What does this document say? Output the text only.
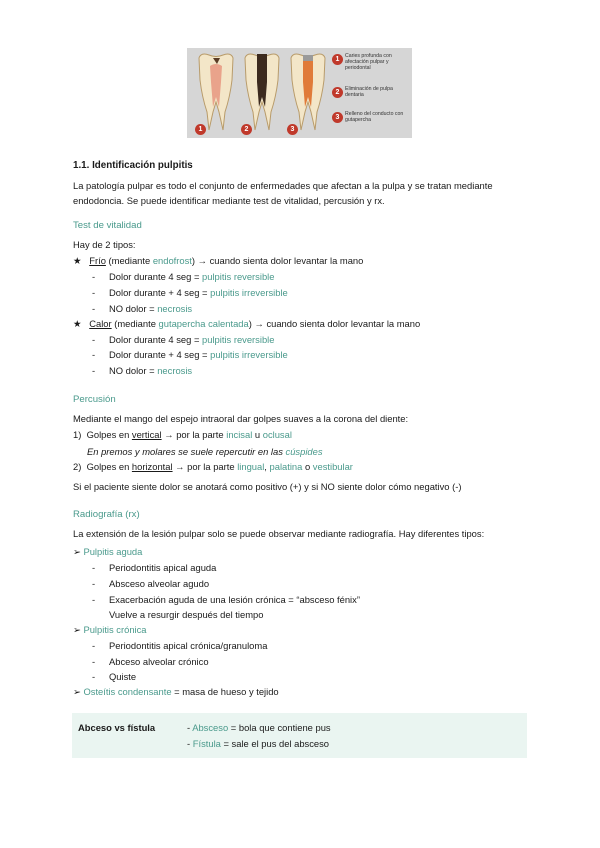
1	2	3
1	Caries profunda con afectación pulpar y periodontal
2	Eliminación de pulpa dentaria
3	Relleno del conducto con gutapercha
1.1. Identificación pulpitis
La patología pulpar es todo el conjunto de enfermedades que afectan a la pulpa y se tratan mediante
endodoncia. Se puede identificar mediante test de vitalidad, percusión y rx.
Test de vitalidad
Hay de 2 tipos:
★ Frío (mediante endofrost) → cuando sienta dolor levantar la mano
- Dolor durante 4 seg = pulpitis reversible
- Dolor durante + 4 seg = pulpitis irreversible
- NO dolor = necrosis
★ Calor (mediante gutapercha calentada) → cuando sienta dolor levantar la mano
- Dolor durante 4 seg = pulpitis reversible
- Dolor durante + 4 seg = pulpitis irreversible
- NO dolor = necrosis
Percusión
Mediante el mango del espejo intraoral dar golpes suaves a la corona del diente:
1) Golpes en vertical → por la parte incisal u oclusal
En premos y molares se suele repercutir en las cúspides
2) Golpes en horizontal → por la parte lingual, palatina o vestibular
Si el paciente siente dolor se anotará como positivo (+) y si NO siente dolor cómo negativo (-)
Radiografía (rx)
La extensión de la lesión pulpar solo se puede observar mediante radiografía. Hay diferentes tipos:
➢ Pulpitis aguda
- Periodontitis apical aguda
- Absceso alveolar agudo
- Exacerbación aguda de una lesión crónica = “absceso fénix”
Vuelve a resurgir después del tiempo
➢ Pulpitis crónica
- Periodontitis apical crónica/granuloma
- Abceso alveolar crónico
- Quiste
➢ Osteítis condensante = masa de hueso y tejido
Abceso vs fístula	- Absceso = bola que contiene pus
- Fístula = sale el pus del absceso
